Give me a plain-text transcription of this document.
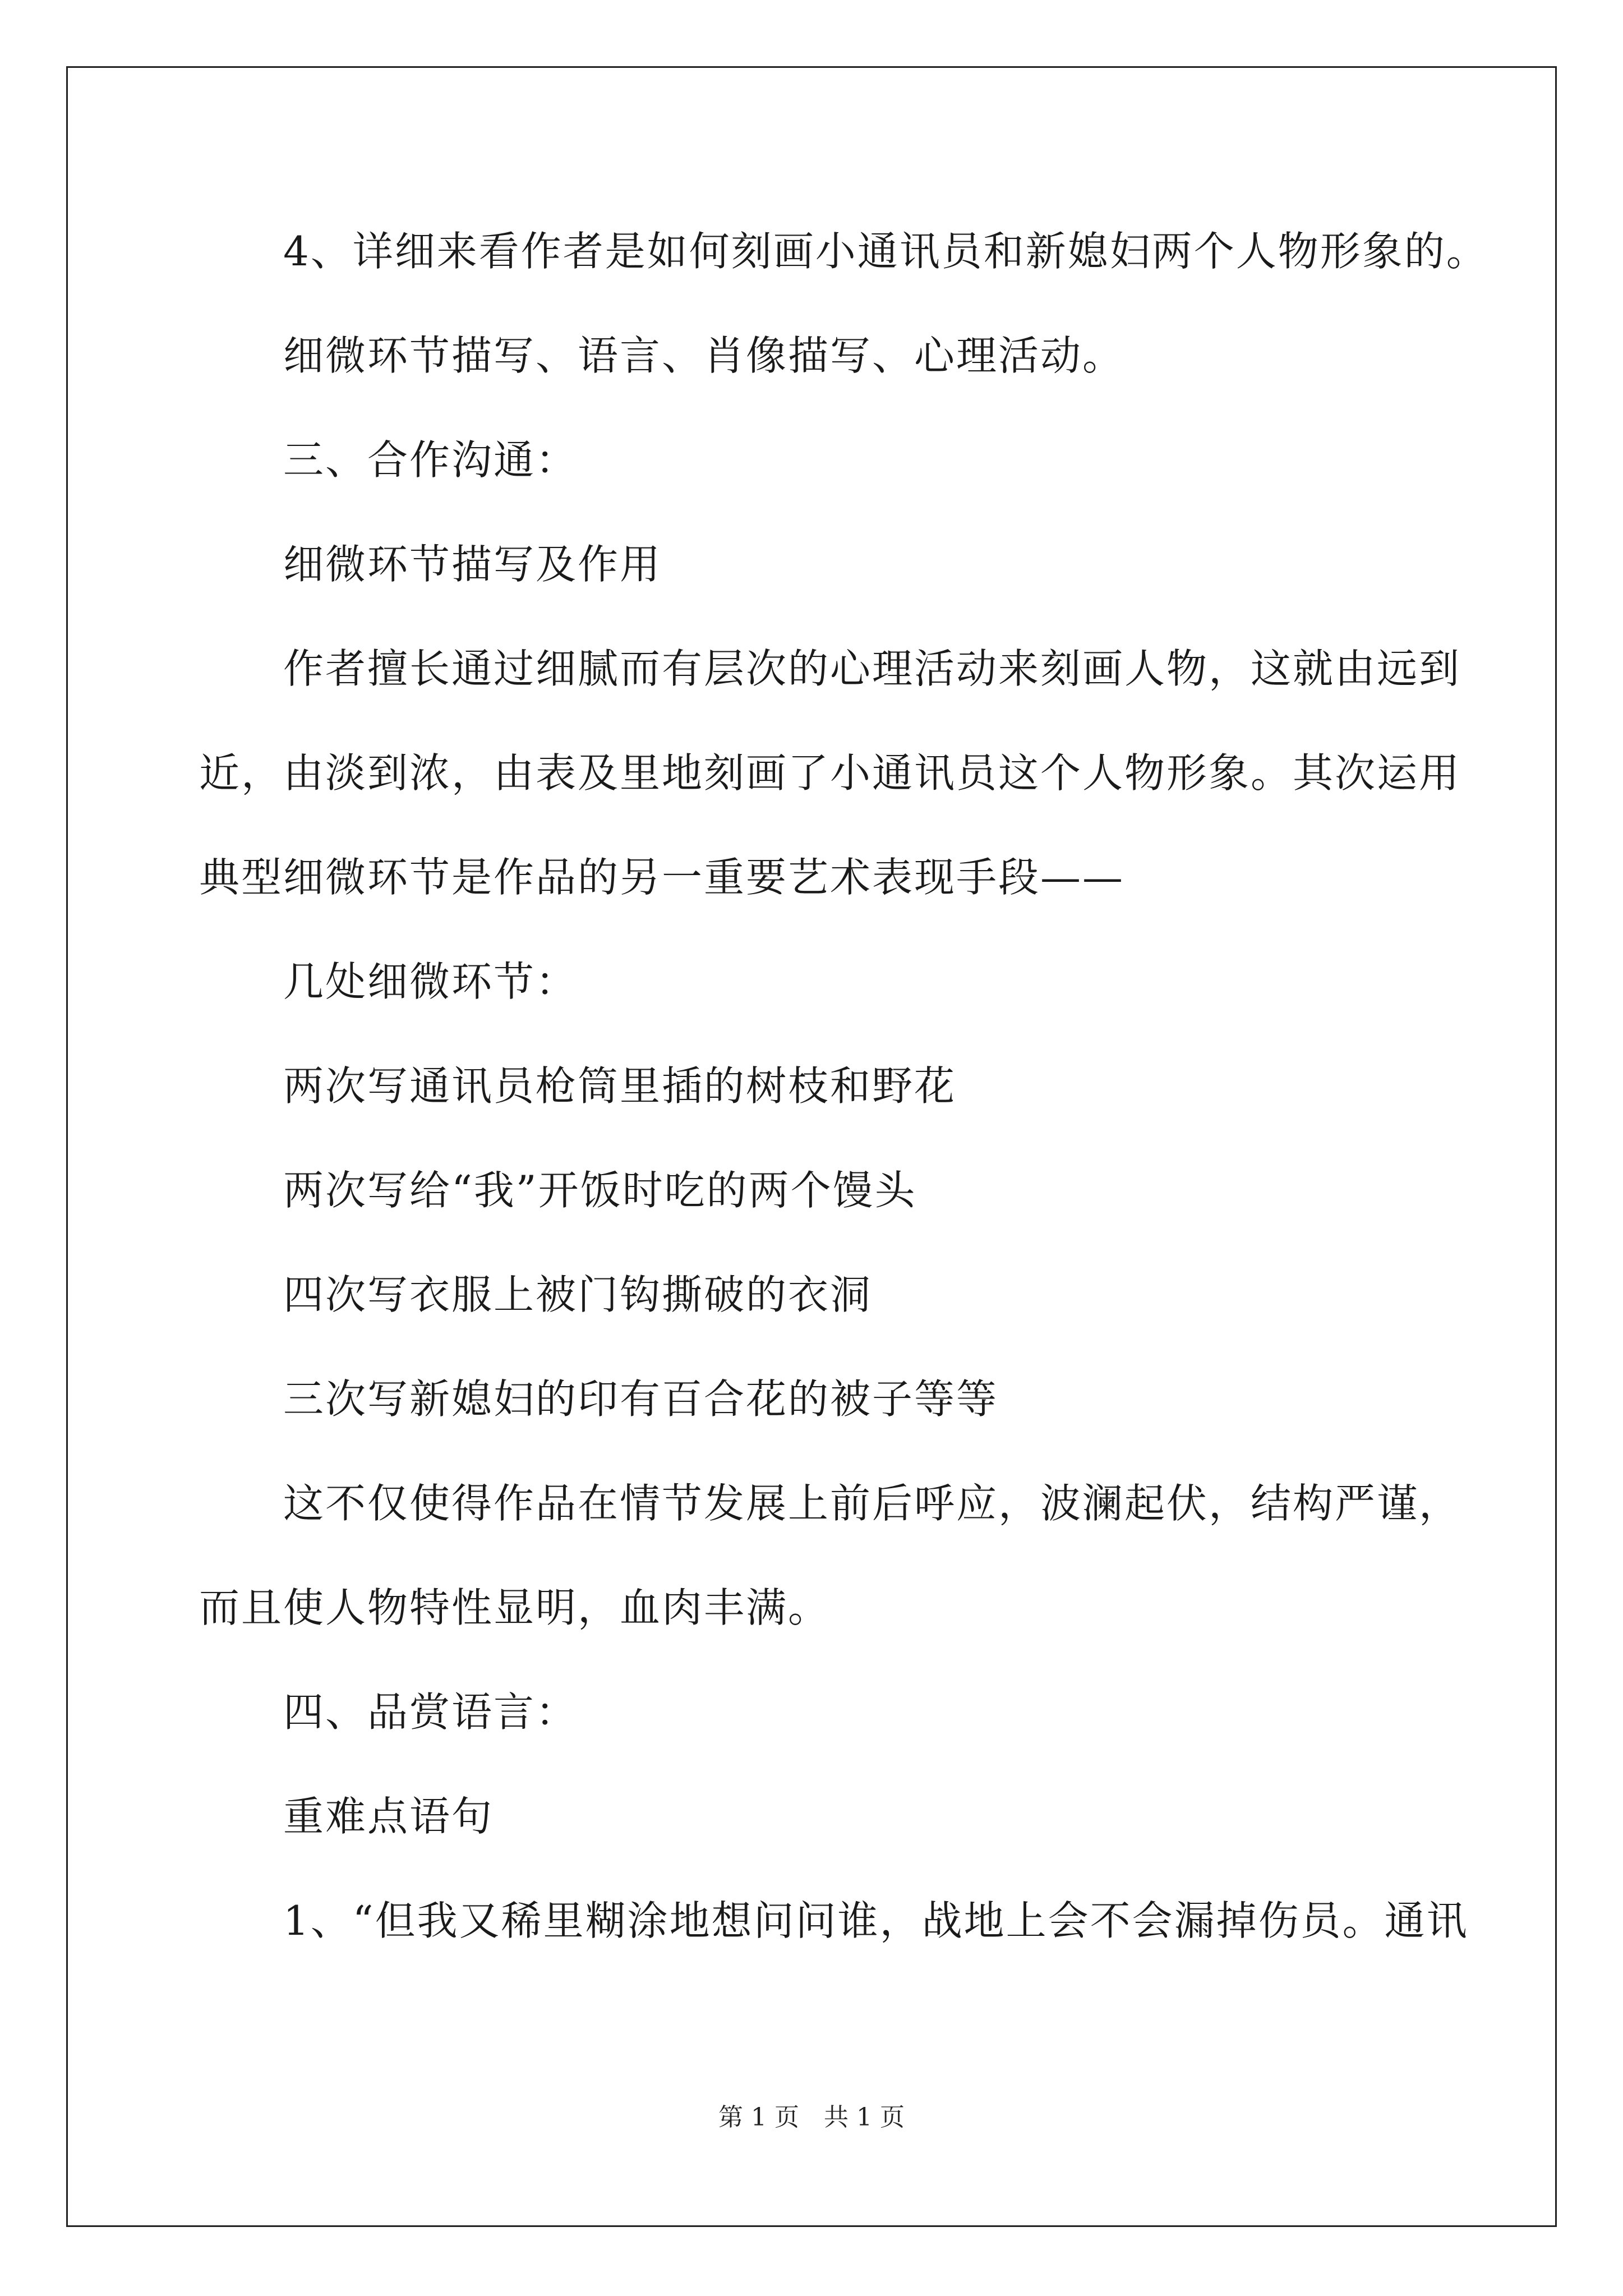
4、详细来看作者是如何刻画小通讯员和新媳妇两个人物形象的。

细微环节描写、语言、肖像描写、心理活动。

三、合作沟通：

细微环节描写及作用

作者擅长通过细腻而有层次的心理活动来刻画人物，这就由远到

近，由淡到浓，由表及里地刻画了小通讯员这个人物形象。其次运用

典型细微环节是作品的另一重要艺术表现手段——

几处细微环节：

两次写通讯员枪筒里插的树枝和野花

两次写给“我”开饭时吃的两个馒头

四次写衣服上被门钩撕破的衣洞

三次写新媳妇的印有百合花的被子等等

这不仅使得作品在情节发展上前后呼应，波澜起伏，结构严谨，

而且使人物特性显明，血肉丰满。

四、品赏语言：

重难点语句

1、“但我又稀里糊涂地想问问谁，战地上会不会漏掉伤员。通讯

第 1 页　共 1 页
